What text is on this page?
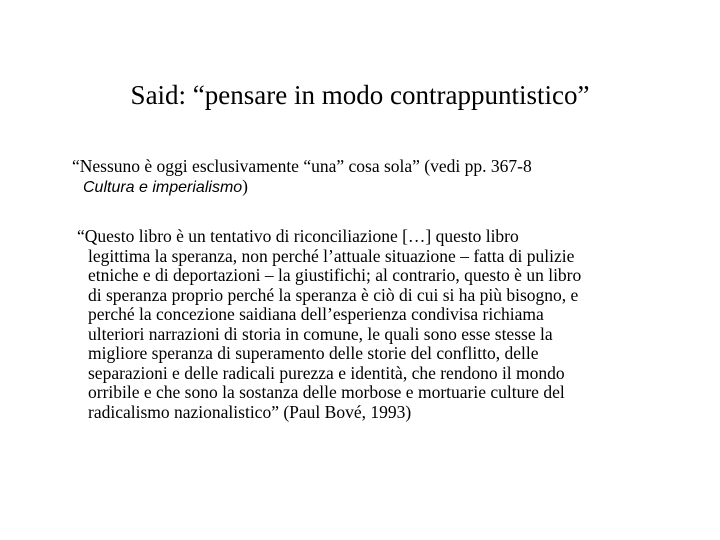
Said: “pensare in modo contrappuntistico”
“Nessuno è oggi esclusivamente “una” cosa sola” (vedi pp. 367-8
Cultura e imperialismo)
“Questo libro è un tentativo di riconciliazione […] questo libro
legittima la speranza, non perché l’attuale situazione – fatta di pulizie
etniche e di deportazioni – la giustifichi; al contrario, questo è un libro
di speranza proprio perché la speranza è ciò di cui si ha più bisogno, e
perché la concezione saidiana dell’esperienza condivisa richiama
ulteriori narrazioni di storia in comune, le quali sono esse stesse la
migliore speranza di superamento delle storie del conflitto, delle
separazioni e delle radicali purezza e identità, che rendono il mondo
orribile e che sono la sostanza delle morbose e mortuarie culture del
radicalismo nazionalistico” (Paul Bové, 1993)
